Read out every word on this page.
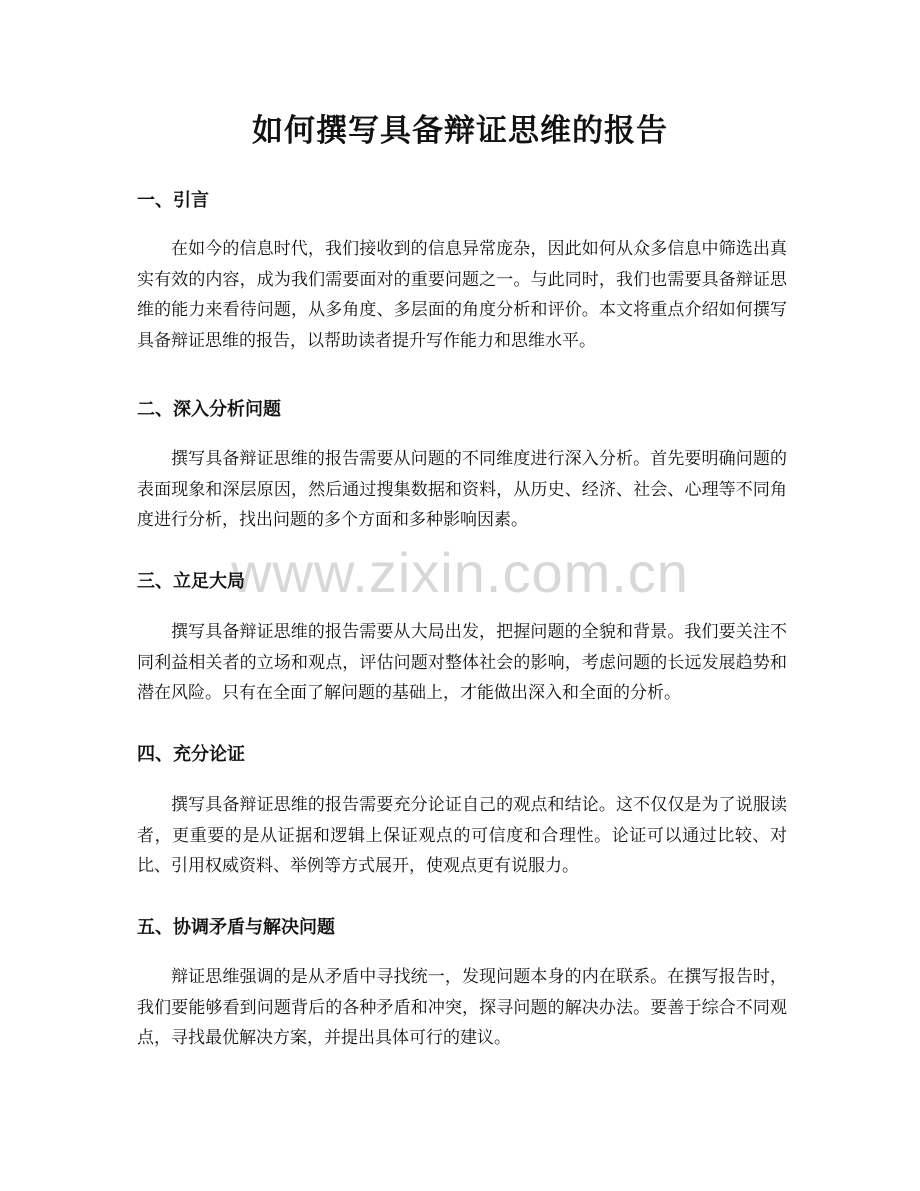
www.zixin.com.cn
如何撰写具备辩证思维的报告
一、引言

在如今的信息时代，我们接收到的信息异常庞杂，因此如何从众多信息中筛选出真实有效的内容，成为我们需要面对的重要问题之一。与此同时，我们也需要具备辩证思维的能力来看待问题，从多角度、多层面的角度分析和评价。本文将重点介绍如何撰写具备辩证思维的报告，以帮助读者提升写作能力和思维水平。

二、深入分析问题

撰写具备辩证思维的报告需要从问题的不同维度进行深入分析。首先要明确问题的表面现象和深层原因，然后通过搜集数据和资料，从历史、经济、社会、心理等不同角度进行分析，找出问题的多个方面和多种影响因素。

三、立足大局

撰写具备辩证思维的报告需要从大局出发，把握问题的全貌和背景。我们要关注不同利益相关者的立场和观点，评估问题对整体社会的影响，考虑问题的长远发展趋势和潜在风险。只有在全面了解问题的基础上，才能做出深入和全面的分析。

四、充分论证

撰写具备辩证思维的报告需要充分论证自己的观点和结论。这不仅仅是为了说服读者，更重要的是从证据和逻辑上保证观点的可信度和合理性。论证可以通过比较、对比、引用权威资料、举例等方式展开，使观点更有说服力。

五、协调矛盾与解决问题

辩证思维强调的是从矛盾中寻找统一，发现问题本身的内在联系。在撰写报告时，我们要能够看到问题背后的各种矛盾和冲突，探寻问题的解决办法。要善于综合不同观点，寻找最优解决方案，并提出具体可行的建议。
